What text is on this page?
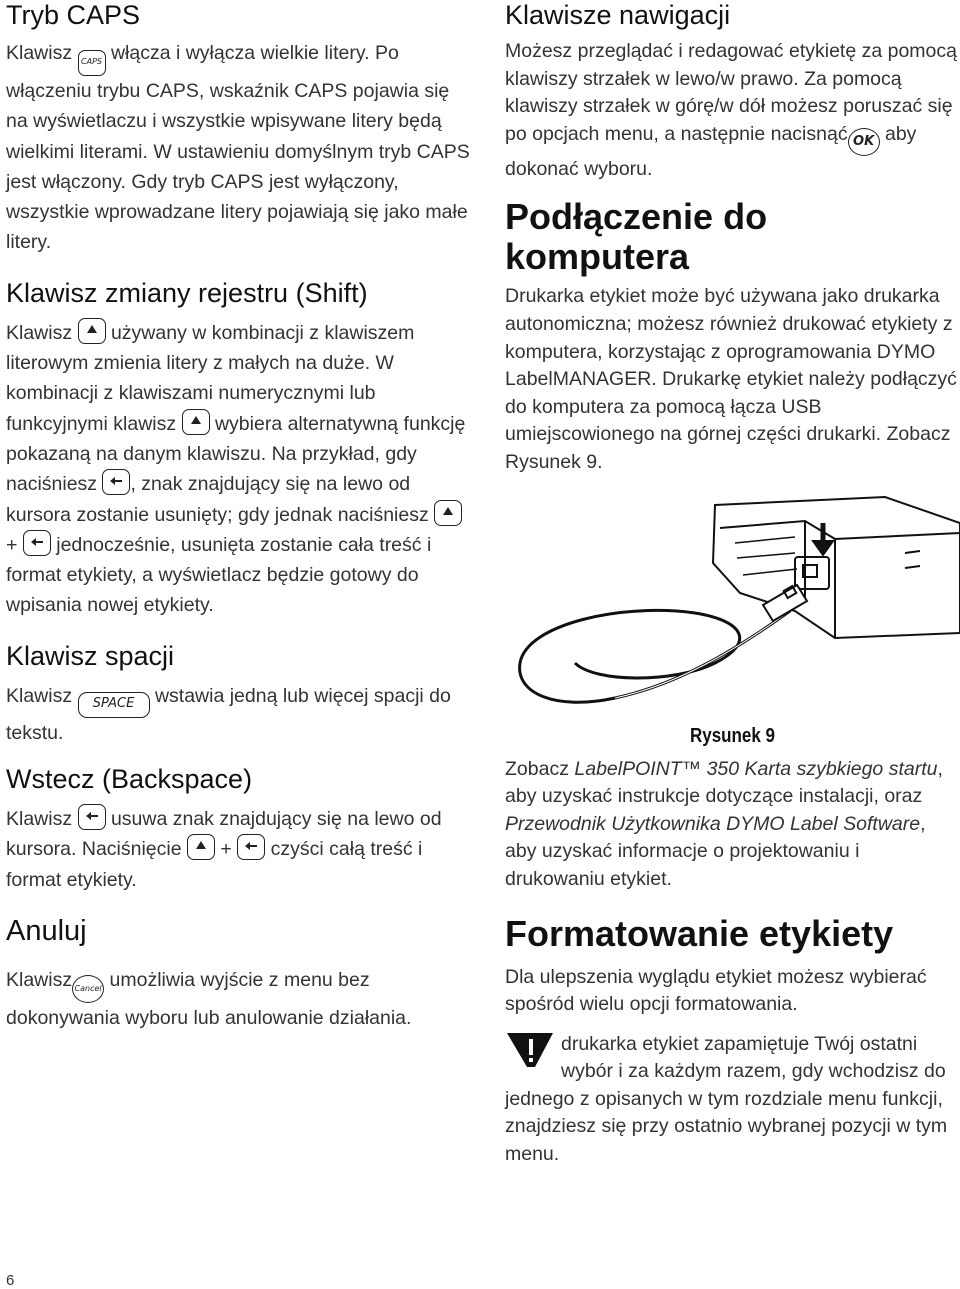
Tryb CAPS

Klawisz CAPS włącza i wyłącza wielkie litery. Po włączeniu trybu CAPS, wskaźnik CAPS pojawia się na wyświetlaczu i wszystkie wpisywane litery będą wielkimi literami. W ustawieniu domyślnym tryb CAPS jest włączony. Gdy tryb CAPS jest wyłączony, wszystkie wprowadzane litery pojawiają się jako małe litery.

Klawisz zmiany rejestru (Shift)

Klawisz
używany w kombinacji z klawiszem literowym zmienia litery z małych na duże. W kombinacji z klawiszami numerycznymi lub funkcyjnymi klawisz
wybiera alternatywną funkcję pokazaną na danym klawiszu. Na przykład, gdy naciśniesz
, znak znajdujący się na lewo od kursora zostanie usunięty; gdy jednak naciśniesz
+
jednocześnie, usunięta zostanie cała treść i format etykiety, a wyświetlacz będzie gotowy do wpisania nowej etykiety.

Klawisz spacji

Klawisz SPACE wstawia jedną lub więcej spacji do tekstu.

Wstecz (Backspace)

Klawisz
usuwa znak znajdujący się na lewo od kursora. Naciśnięcie
+
czyści całą treść i format etykiety.

Anuluj

Klawisz Cancel umożliwia wyjście z menu bez dokonywania wyboru lub anulowanie działania.

Klawisze nawigacji

Możesz przeglądać i redagować etykietę za pomocą klawiszy strzałek w lewo/w prawo. Za pomocą klawiszy strzałek w górę/w dół możesz poruszać się po opcjach menu, a następnie nacisnąć OK aby dokonać wyboru.

Podłączenie do komputera

Drukarka etykiet może być używana jako drukarka autonomiczna; możesz również drukować etykiety z komputera, korzystając z oprogramowania DYMO LabelMANAGER. Drukarkę etykiet należy podłączyć do komputera za pomocą łącza USB umiejscowionego na górnej części drukarki. Zobacz Rysunek 9.

Rysunek 9

Zobacz LabelPOINT™ 350 Karta szybkiego startu, aby uzyskać instrukcje dotyczące instalacji, oraz Przewodnik Użytkownika DYMO Label Software, aby uzyskać informacje o projektowaniu i drukowaniu etykiet.

Formatowanie etykiety

Dla ulepszenia wyglądu etykiet możesz wybierać spośród wielu opcji formatowania.

drukarka etykiet zapamiętuje Twój ostatni wybór i za każdym razem, gdy wchodzisz do jednego z opisanych w tym rozdziale menu funkcji, znajdziesz się przy ostatnio wybranej pozycji w tym menu.

6
